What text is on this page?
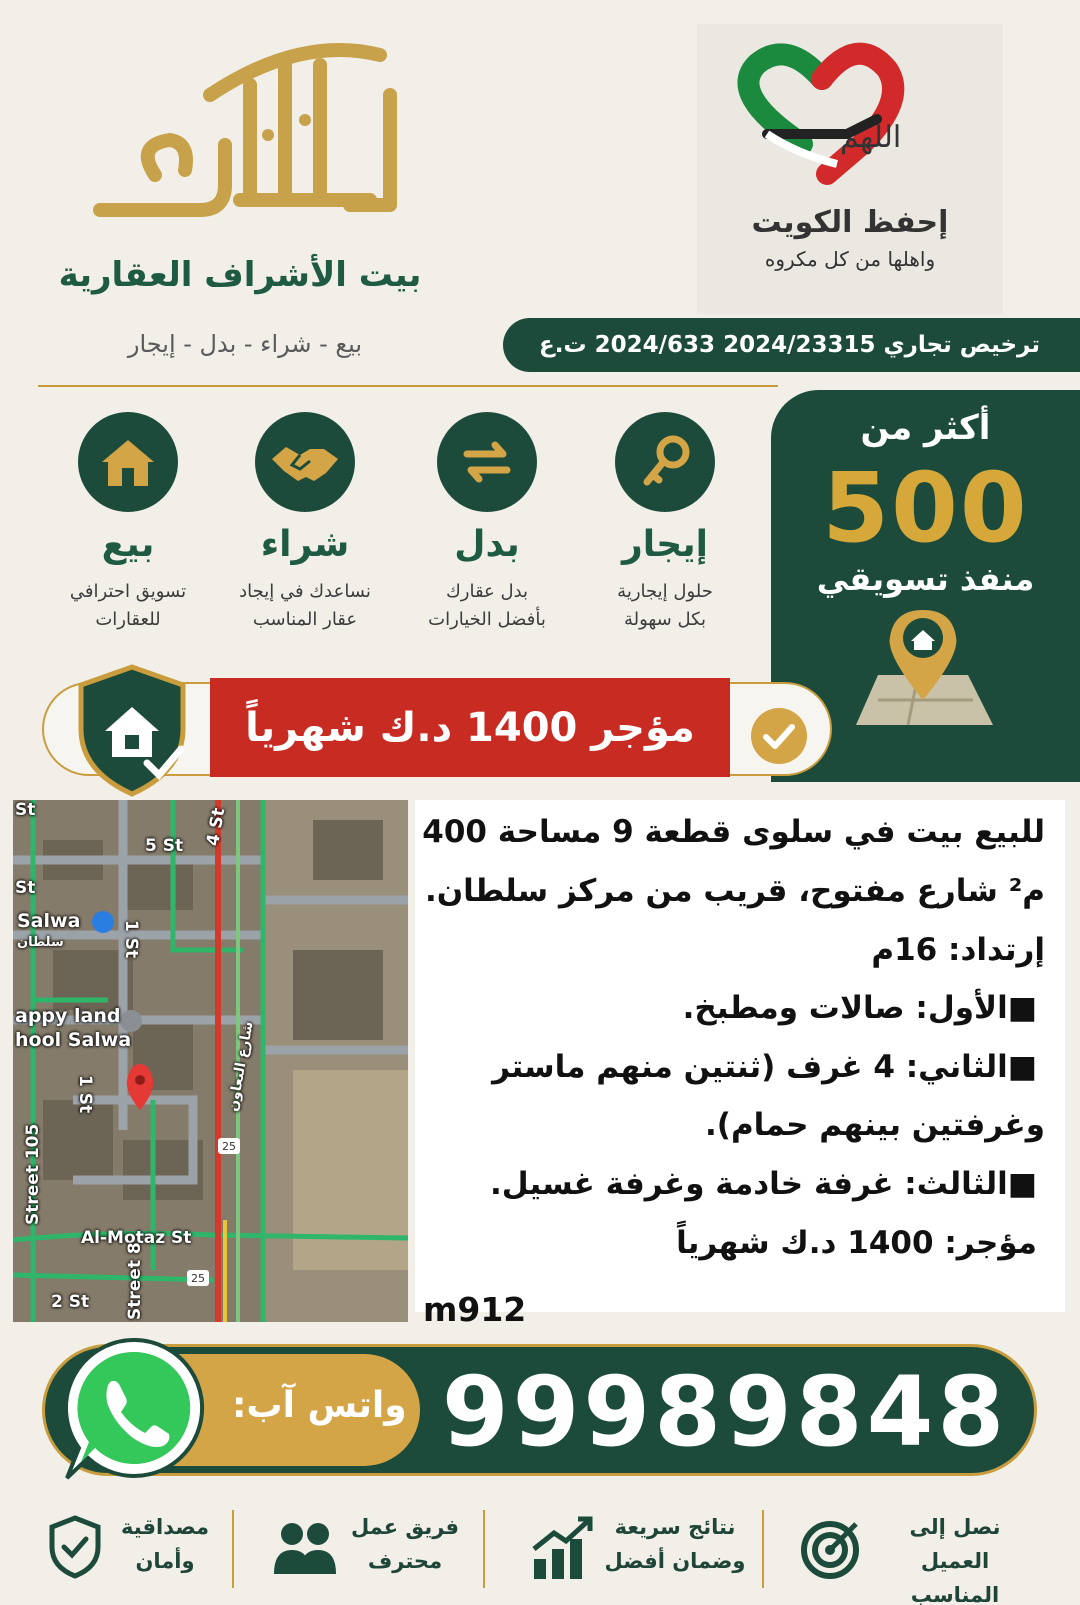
بيت الأشراف العقارية
بيع - شراء - بدل - إيجار
اللهم
إحفظ الكويت
واهلها من كل مكروه
ترخيص تجاري
2024/23315
2024/633 ت.ع
إيجار
حلول إيجارية
بكل سهولة
بدل
بدل عقارك
بأفضل الخيارات
شراء
نساعدك في إيجاد
عقار المناسب
بيع
تسويق احترافي
للعقارات
أكثر من
500
منفذ تسويقي
مؤجر 1400 د.ك شهرياً
25
25
5 St 4 St
Salwa
سلطان	1 St
appy land
hool Salwa
1 St
Street 105
شارع التعاون
Al-Motaz St
Street 8
2 St
St
St
للبيع بيت في سلوى قطعة 9 مساحة 400
م² شارع مفتوح، قريب من مركز سلطان.
إرتداد: 16م
■الأول: صالات ومطبخ.
■الثاني: 4 غرف (ثنتين منهم ماستر
وغرفتين بينهم حمام).
■الثالث: غرفة خادمة وغرفة غسيل.
مؤجر: 1400 د.ك شهرياً
m912
واتس آب: 99989848
نصل إلى
العميل المناسب
نتائج سريعة
وضمان أفضل
فريق عمل
محترف
مصداقية
وأمان
